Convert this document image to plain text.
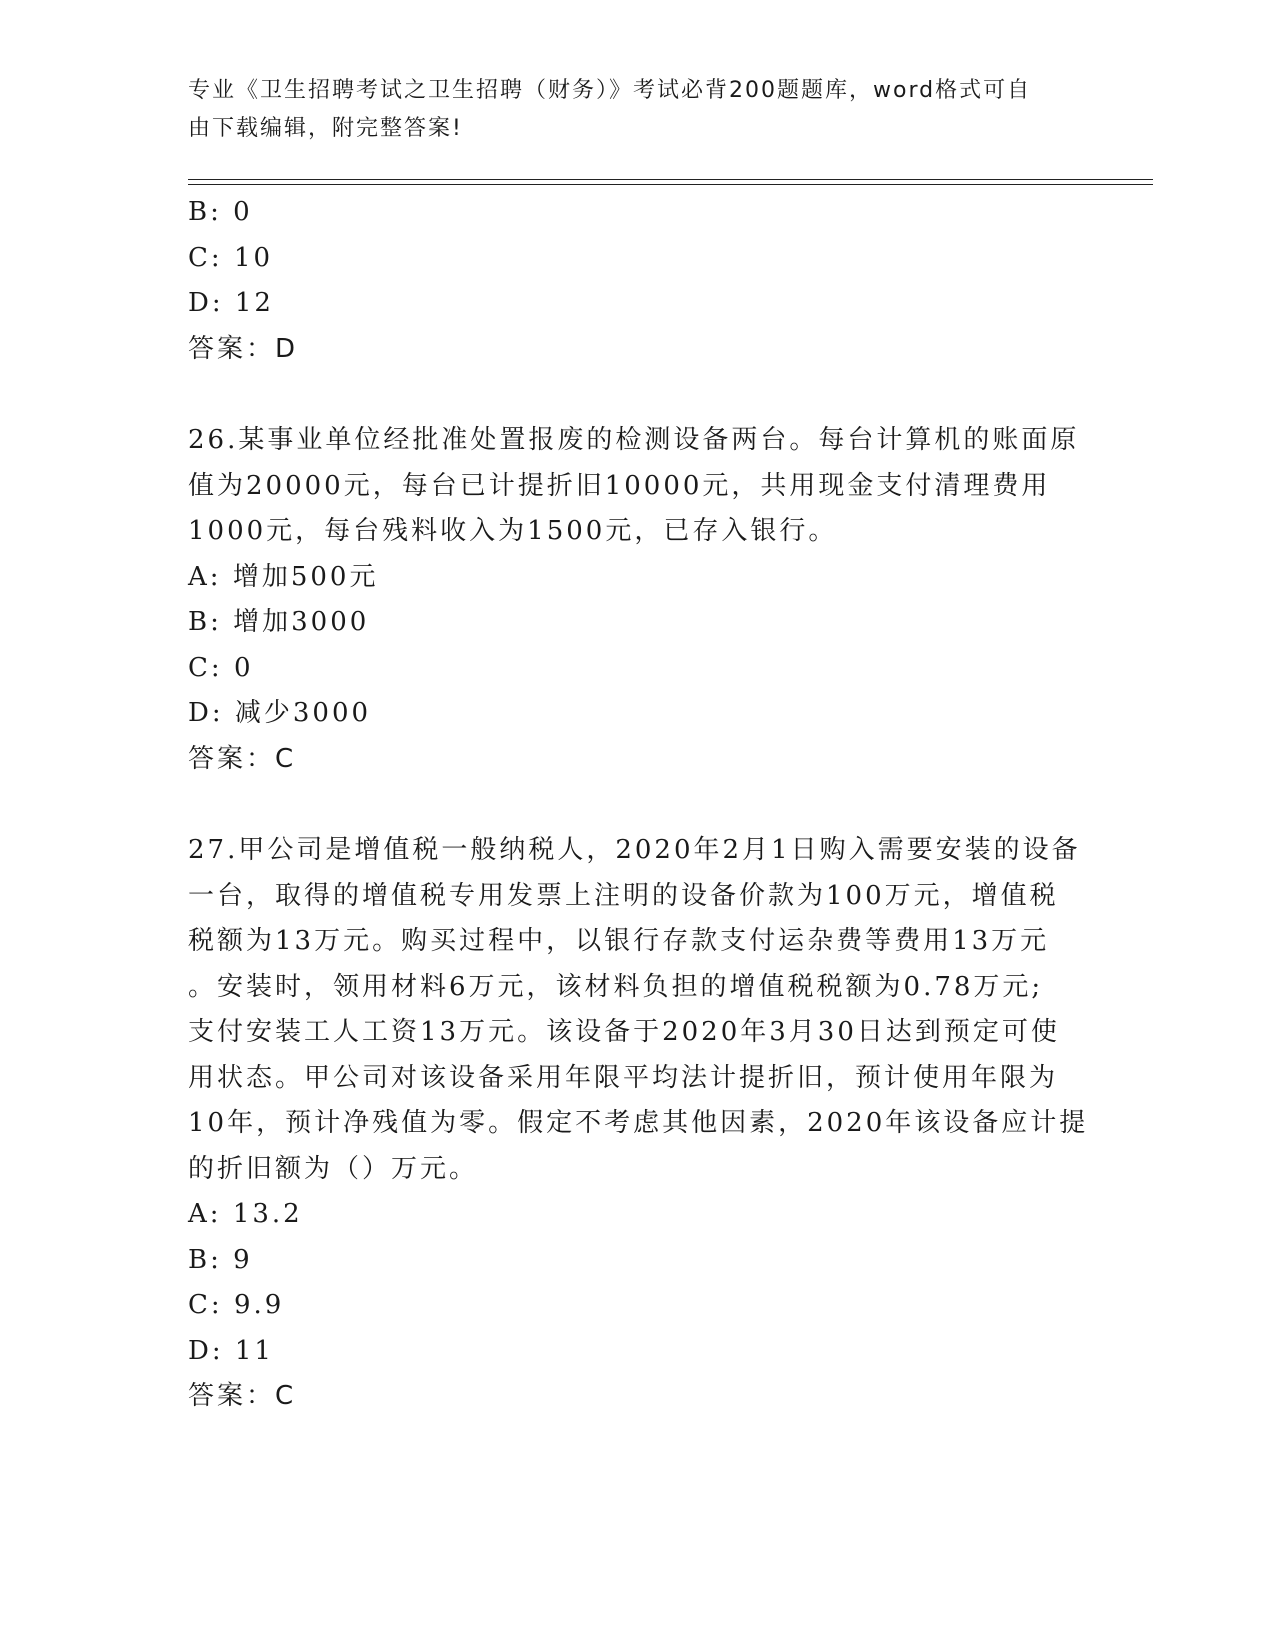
专业《卫生招聘考试之卫生招聘（财务）》考试必背200题题库，word格式可自
由下载编辑，附完整答案!
B: 0
C: 10
D: 12
答案：D
26.某事业单位经批准处置报废的检测设备两台。每台计算机的账面原
值为20000元，每台已计提折旧10000元，共用现金支付清理费用
1000元，每台残料收入为1500元，已存入银行。
A: 增加500元
B: 增加3000
C: 0
D: 减少3000
答案：C
27.甲公司是增值税一般纳税人，2020年2月1日购入需要安装的设备
一台，取得的增值税专用发票上注明的设备价款为100万元，增值税
税额为13万元。购买过程中，以银行存款支付运杂费等费用13万元
。安装时，领用材料6万元，该材料负担的增值税税额为0.78万元;
支付安装工人工资13万元。该设备于2020年3月30日达到预定可使
用状态。甲公司对该设备采用年限平均法计提折旧，预计使用年限为
10年，预计净残值为零。假定不考虑其他因素，2020年该设备应计提
的折旧额为（）万元。
A: 13.2
B: 9
C: 9.9
D: 11
答案：C
